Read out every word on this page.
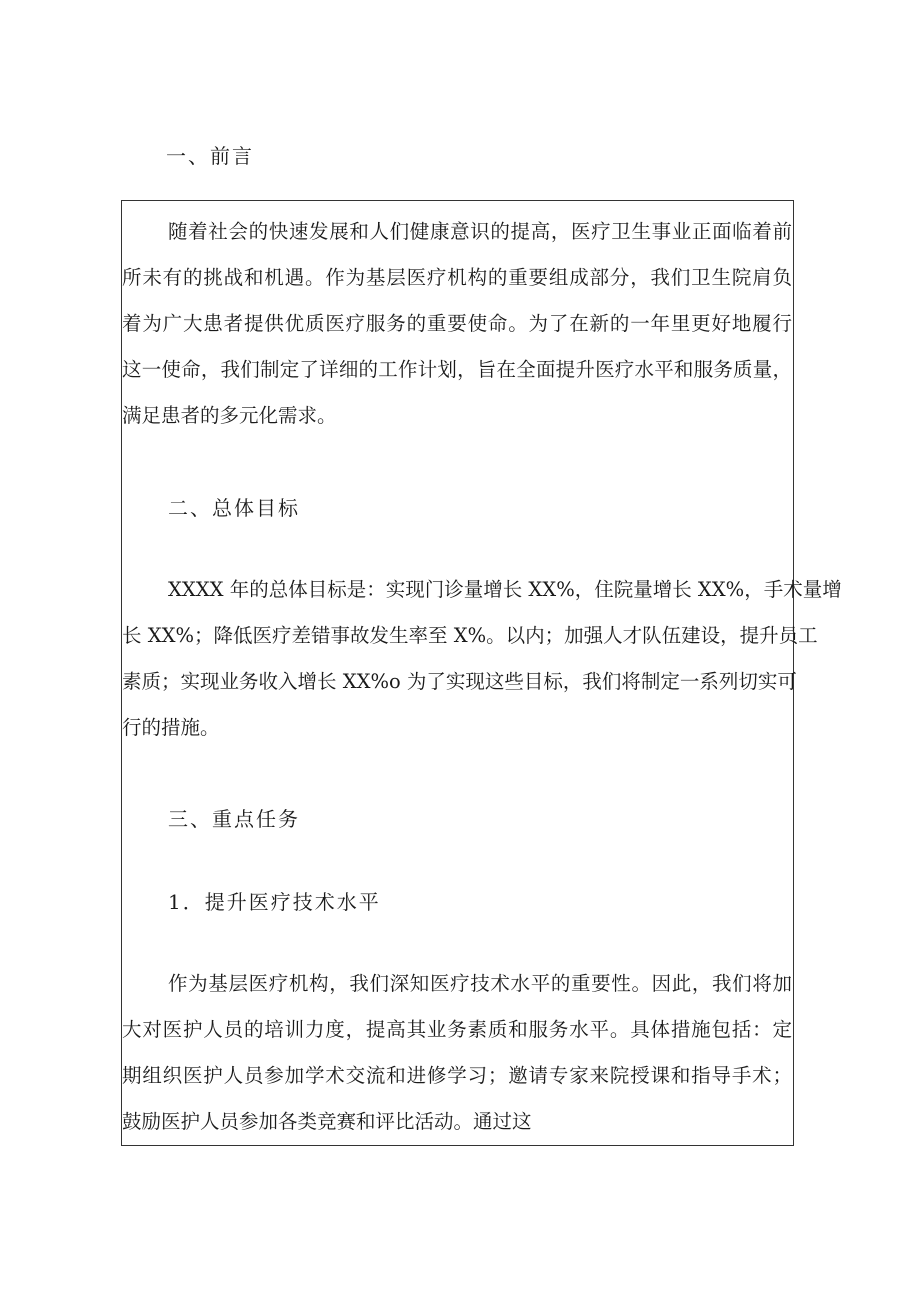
一、前言
随着社会的快速发展和人们健康意识的提高，医疗卫生事业正面临着前
所未有的挑战和机遇。作为基层医疗机构的重要组成部分，我们卫生院肩负
着为广大患者提供优质医疗服务的重要使命。为了在新的一年里更好地履行
这一使命，我们制定了详细的工作计划，旨在全面提升医疗水平和服务质量，
满足患者的多元化需求。
二、总体目标
XXXX 年的总体目标是：实现门诊量增长 XX%，住院量增长 XX%，手术量增
长 XX%；降低医疗差错事故发生率至 X%。以内；加强人才队伍建设，提升员工
素质；实现业务收入增长 XX%o 为了实现这些目标，我们将制定一系列切实可
行的措施。
三、重点任务
1．提升医疗技术水平
作为基层医疗机构，我们深知医疗技术水平的重要性。因此，我们将加
大对医护人员的培训力度，提高其业务素质和服务水平。具体措施包括：定
期组织医护人员参加学术交流和进修学习；邀请专家来院授课和指导手术；
鼓励医护人员参加各类竞赛和评比活动。通过这
